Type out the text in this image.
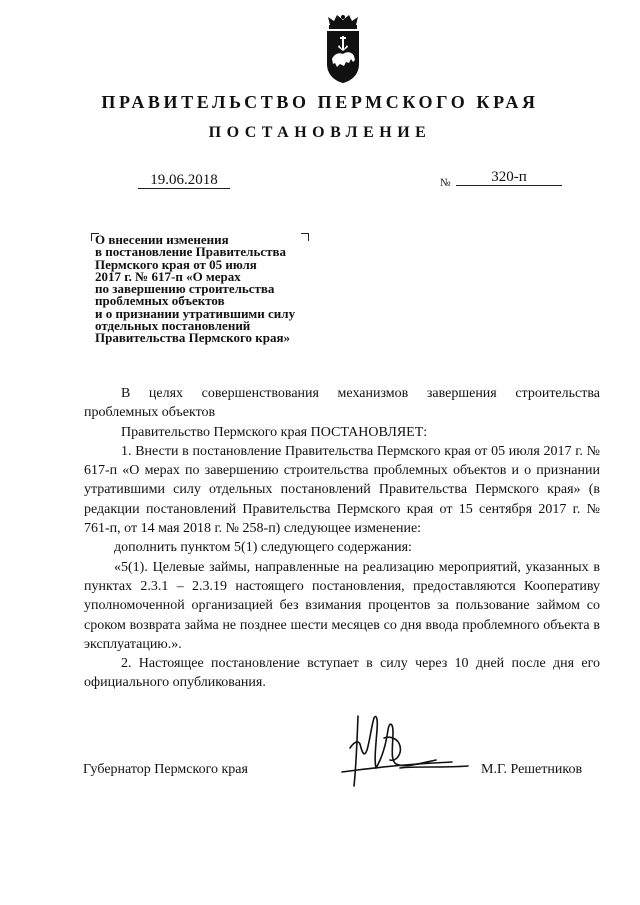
ПРАВИТЕЛЬСТВО ПЕРМСКОГО КРАЯ
ПОСТАНОВЛЕНИЕ
19.06.2018	№	320-п
О внесении изменения
в постановление Правительства
Пермского края от 05 июля
2017 г. № 617-п «О мерах
по завершению строительства
проблемных объектов
и о признании утратившими силу
отдельных постановлений
Правительства Пермского края»

В целях совершенствования механизмов завершения строительства проблемных объектов

Правительство Пермского края ПОСТАНОВЛЯЕТ:

1. Внести в постановление Правительства Пермского края от 05 июля 2017 г. № 617-п «О мерах по завершению строительства проблемных объектов и о признании утратившими силу отдельных постановлений Правительства Пермского края» (в редакции постановлений Правительства Пермского края от 15 сентября 2017 г. № 761-п, от 14 мая 2018 г. № 258-п) следующее изменение:

дополнить пунктом 5(1) следующего содержания:

«5(1). Целевые займы, направленные на реализацию мероприятий, указанных в пунктах 2.3.1 – 2.3.19 настоящего постановления, предоставляются Кооперативу уполномоченной организацией без взимания процентов за пользование займом со сроком возврата займа не позднее шести месяцев со дня ввода проблемного объекта в эксплуатацию.».

2. Настоящее постановление вступает в силу через 10 дней после дня его официального опубликования.

Губернатор Пермского края	М.Г. Решетников
